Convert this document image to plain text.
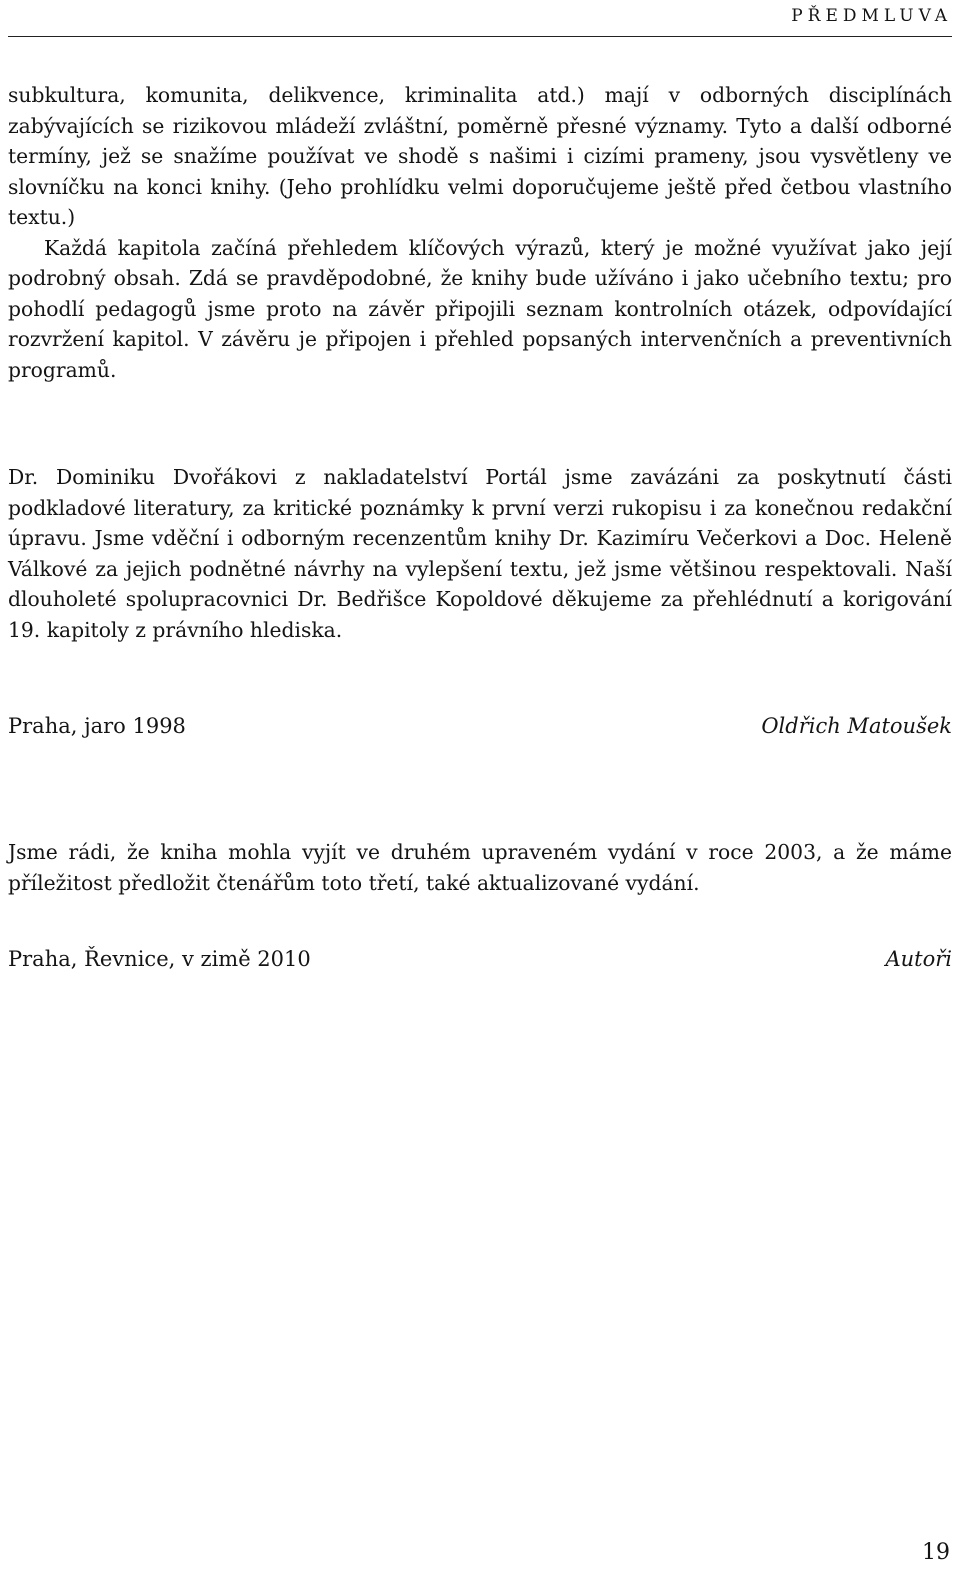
PŘEDMLUVA

subkultura, komunita, delikvence, kriminalita atd.) mají v odborných disciplínách zabývajících se rizikovou mládeží zvláštní, poměrně přesné významy. Tyto a další odborné termíny, jež se snažíme používat ve shodě s našimi i cizími prameny, jsou vysvětleny ve slovníčku na konci knihy. (Jeho prohlídku velmi doporučujeme ještě před četbou vlastního textu.)

Každá kapitola začíná přehledem klíčových výrazů, který je možné využívat jako její podrobný obsah. Zdá se pravděpodobné, že knihy bude užíváno i jako učebního textu; pro pohodlí pedagogů jsme proto na závěr připojili seznam kontrolních otázek, odpovídající rozvržení kapitol. V závěru je připojen i přehled popsaných intervenčních a preventivních programů.

Dr. Dominiku Dvořákovi z nakladatelství Portál jsme zavázáni za poskytnutí části podkladové literatury, za kritické poznámky k první verzi rukopisu i za konečnou redakční úpravu. Jsme vděční i odborným recenzentům knihy Dr. Kazimíru Večerkovi a Doc. Heleně Válkové za jejich podnětné návrhy na vylepšení textu, jež jsme většinou respektovali. Naší dlouholeté spolupracovnici Dr. Bedřišce Kopoldové děkujeme za přehlédnutí a korigování 19. kapitoly z právního hlediska.

Praha, jaro 1998	Oldřich Matoušek

Jsme rádi, že kniha mohla vyjít ve druhém upraveném vydání v roce 2003, a že máme příležitost předložit čtenářům toto třetí, také aktualizované vydání.

Praha, Řevnice, v zimě 2010	Autoři
19
